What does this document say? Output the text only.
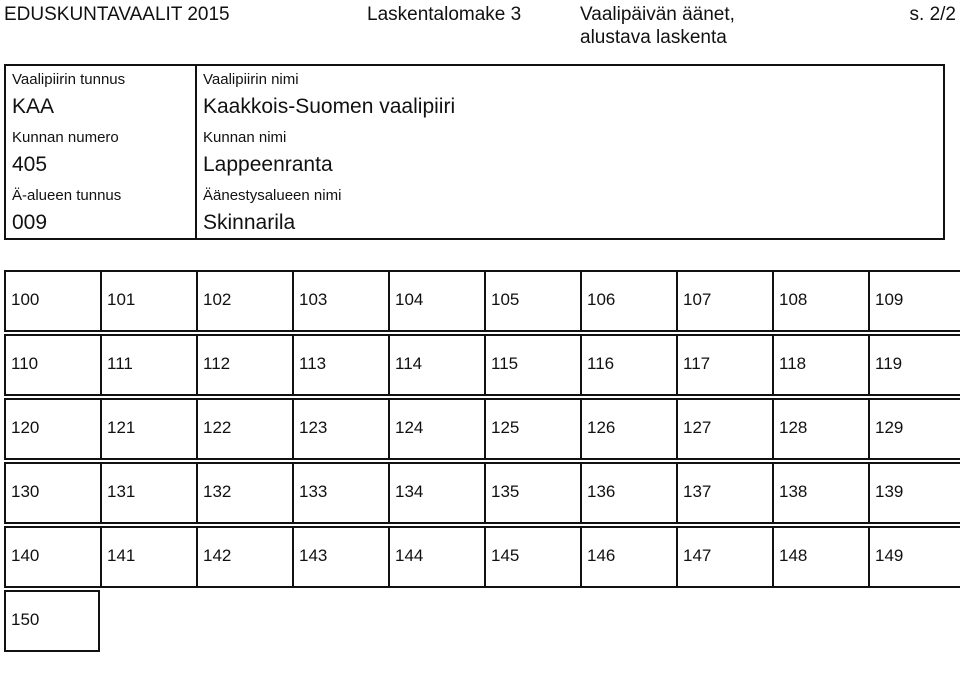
EDUSKUNTAVAALIT 2015	Laskentalomake 3	Vaalipäivän äänet,
alustava laskenta
s. 2/2
Vaalipiirin tunnus
KAA
Vaalipiirin nimi
Kaakkois-Suomen vaalipiiri
Kunnan numero
405
Kunnan nimi
Lappeenranta
Ä-alueen tunnus
009
Äänestysalueen nimi
Skinnarila
100	101	102	103	104	105	106	107	108	109
110	111	112	113	114	115	116	117	118	119
120	121	122	123	124	125	126	127	128	129
130	131	132	133	134	135	136	137	138	139
140	141	142	143	144	145	146	147	148	149
150
